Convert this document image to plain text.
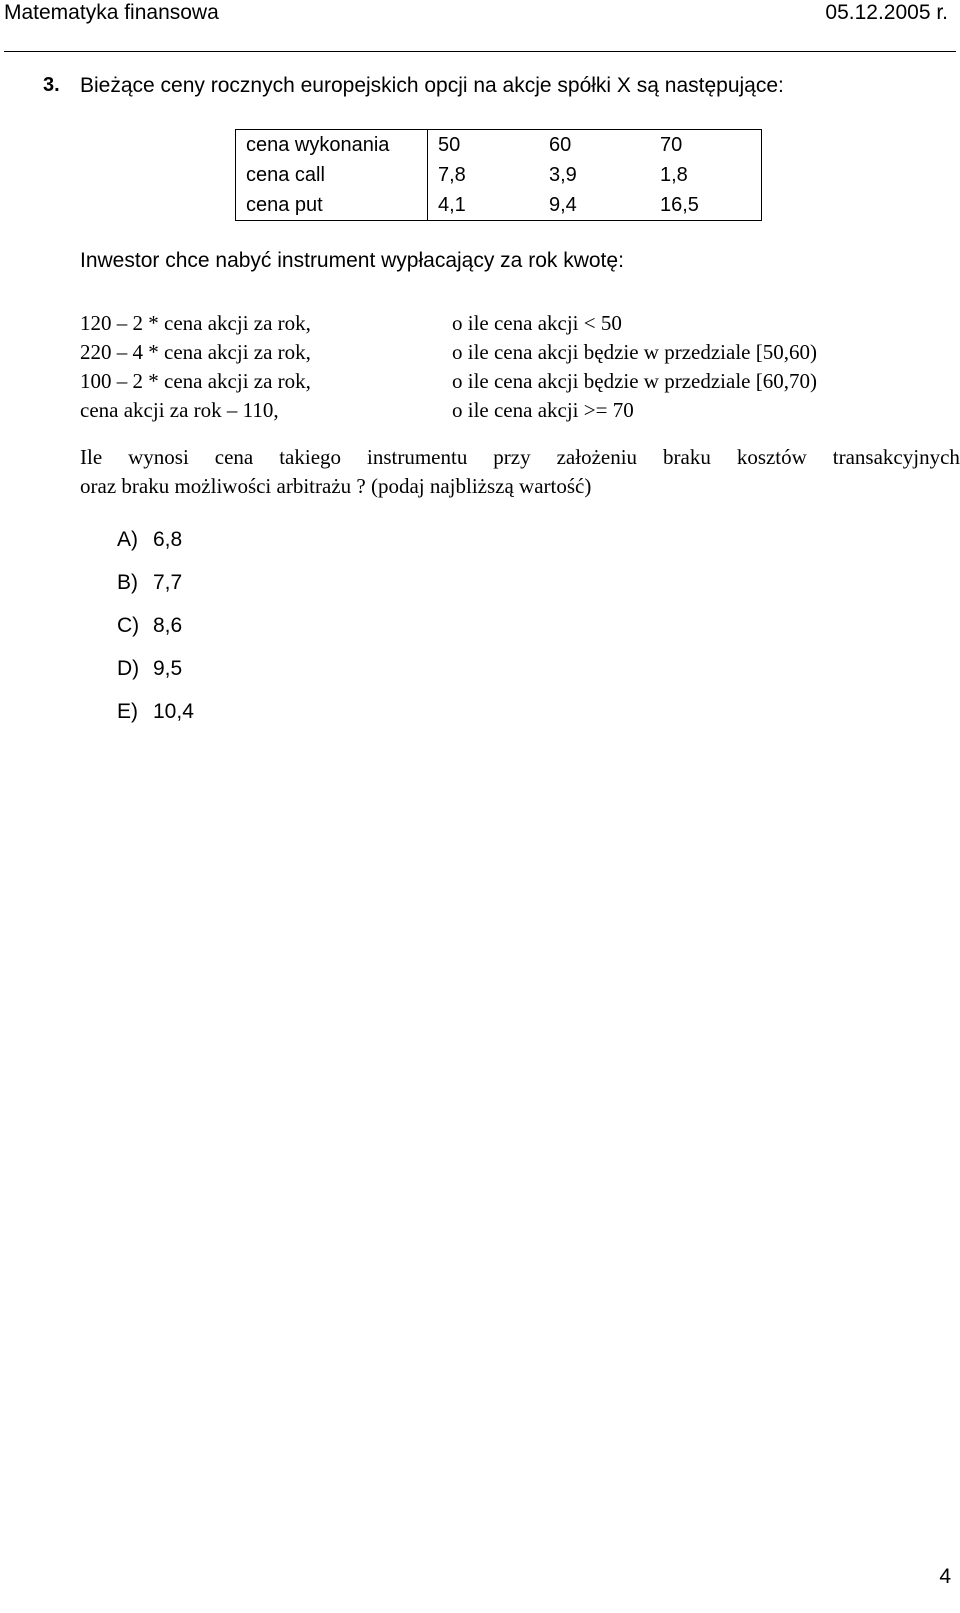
Matematyka finansowa	05.12.2005 r.
3. Bieżące ceny rocznych europejskich opcji na akcje spółki X są następujące:
cena wykonania	50	60	70
cena call	7,8	3,9	1,8
cena put	4,1	9,4	16,5
Inwestor chce nabyć instrument wypłacający za rok kwotę:
120 – 2 * cena akcji za rok,	o ile cena akcji < 50
220 – 4 * cena akcji za rok,	o ile cena akcji będzie w przedziale [50,60)
100 – 2 * cena akcji za rok,	o ile cena akcji będzie w przedziale [60,70)
cena akcji za rok – 110,	o ile cena akcji >= 70
Ile wynosi cena takiego instrumentu przy założeniu braku kosztów transakcyjnych
oraz braku możliwości arbitrażu ? (podaj najbliższą wartość)
A) 6,8
B) 7,7
C) 8,6
D) 9,5
E) 10,4
4
